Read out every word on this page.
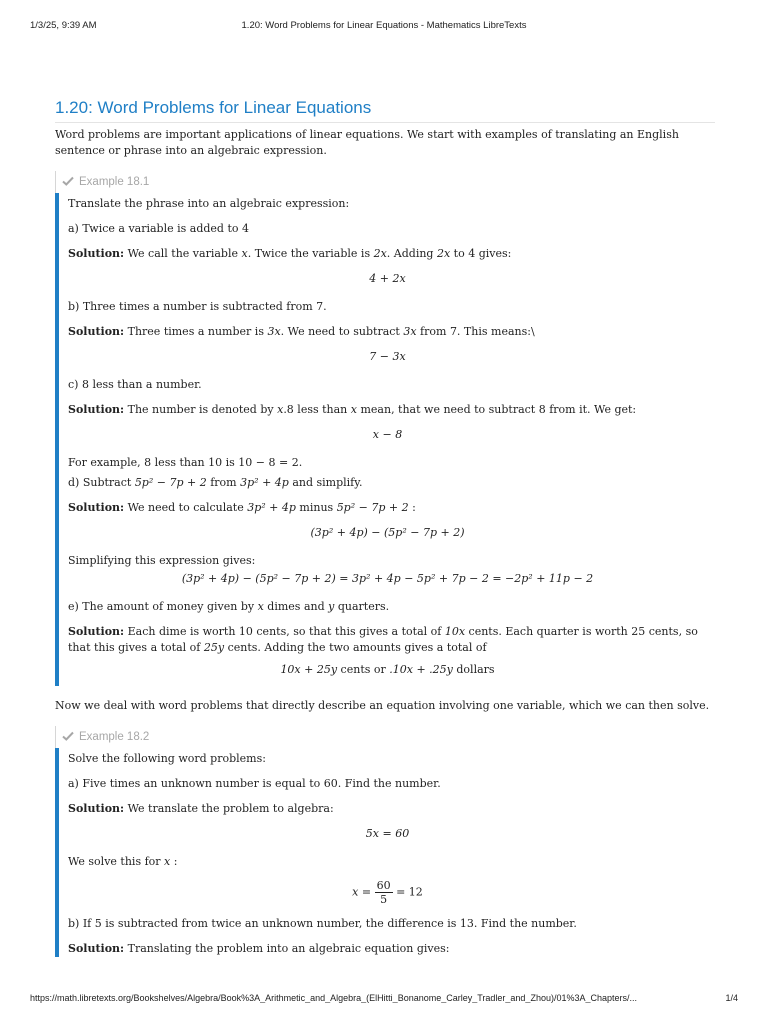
1/3/25, 9:39 AM	1.20: Word Problems for Linear Equations - Mathematics LibreTexts
1.20: Word Problems for Linear Equations

Word problems are important applications of linear equations. We start with examples of translating an English sentence or phrase into an algebraic expression.

Example 18.1

Translate the phrase into an algebraic expression:

a) Twice a variable is added to 4

Solution: We call the variable x. Twice the variable is 2x. Adding 2x to 4 gives:

4 + 2x

b) Three times a number is subtracted from 7.

Solution: Three times a number is 3x. We need to subtract 3x from 7. This means:\

7 − 3x

c) 8 less than a number.

Solution: The number is denoted by x.8 less than x mean, that we need to subtract 8 from it. We get:

x − 8

For example, 8 less than 10 is 10 − 8 = 2.

d) Subtract 5p² − 7p + 2 from 3p² + 4p and simplify.

Solution: We need to calculate 3p² + 4p minus 5p² − 7p + 2 :

(3p² + 4p) − (5p² − 7p + 2)

Simplifying this expression gives:

(3p² + 4p) − (5p² − 7p + 2) = 3p² + 4p − 5p² + 7p − 2 = −2p² + 11p − 2

e) The amount of money given by x dimes and y quarters.

Solution: Each dime is worth 10 cents, so that this gives a total of 10x cents. Each quarter is worth 25 cents, so that this gives a total of 25y cents. Adding the two amounts gives a total of

10x + 25y cents or .10x + .25y dollars

Now we deal with word problems that directly describe an equation involving one variable, which we can then solve.

Example 18.2

Solve the following word problems:

a) Five times an unknown number is equal to 60. Find the number.

Solution: We translate the problem to algebra:

5x = 60

We solve this for x :

$x = \frac{60}{5} = 12$

b) If 5 is subtracted from twice an unknown number, the difference is 13. Find the number.

Solution: Translating the problem into an algebraic equation gives:

https://math.libretexts.org/Bookshelves/Algebra/Book%3A_Arithmetic_and_Algebra_(ElHitti_Bonanome_Carley_Tradler_and_Zhou)/01%3A_Chapters/...	1/4
